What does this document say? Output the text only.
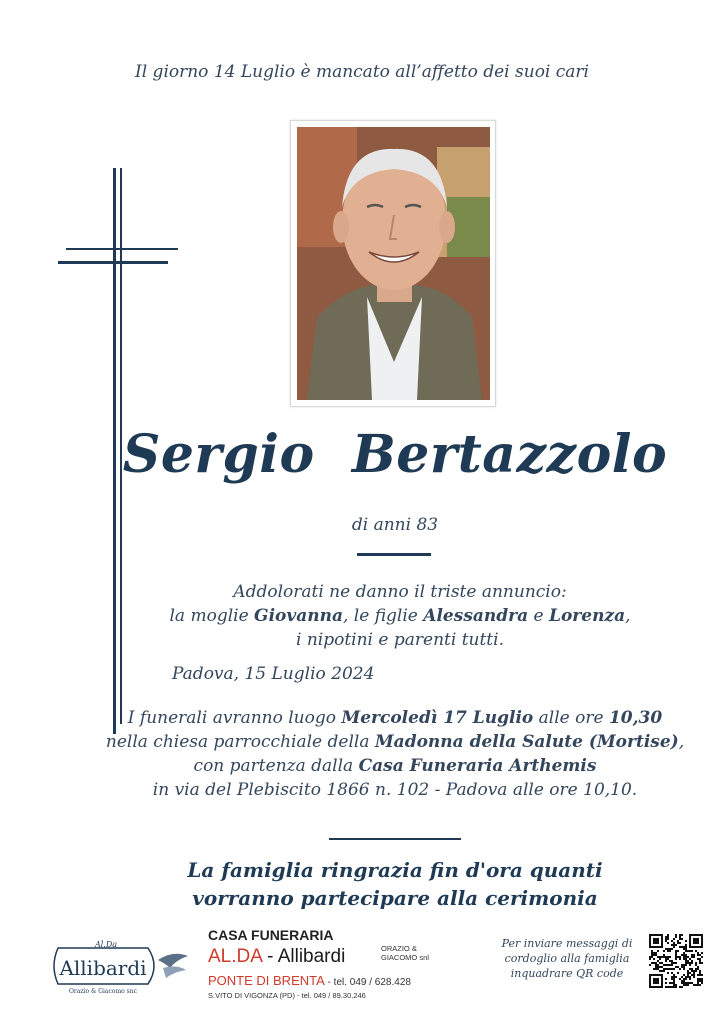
Il giorno 14 Luglio è mancato all’affetto dei suoi cari
Sergio Bertazzolo
di anni 83
Addolorati ne danno il triste annuncio:
la moglie Giovanna, le figlie Alessandra e Lorenza,
i nipotini e parenti tutti.
Padova, 15 Luglio 2024
I funerali avranno luogo Mercoledì 17 Luglio alle ore 10,30
nella chiesa parrocchiale della Madonna della Salute (Mortise),
con partenza dalla Casa Funeraria Arthemis
in via del Plebiscito 1866 n. 102 - Padova alle ore 10,10.
La famiglia ringrazia fin d'ora quanti
vorranno partecipare alla cerimonia
Al.Da
Allibardi
Orazio & Giacomo snc
CASA FUNERARIA
AL.DA - Allibardi	ORAZIO &
GIACOMO snl
PONTE DI BRENTA - tel. 049 / 628.428
S.VITO DI VIGONZA (PD) - tel. 049 / 89.30.246
Per inviare messaggi di cordoglio alla famiglia inquadrare QR code
